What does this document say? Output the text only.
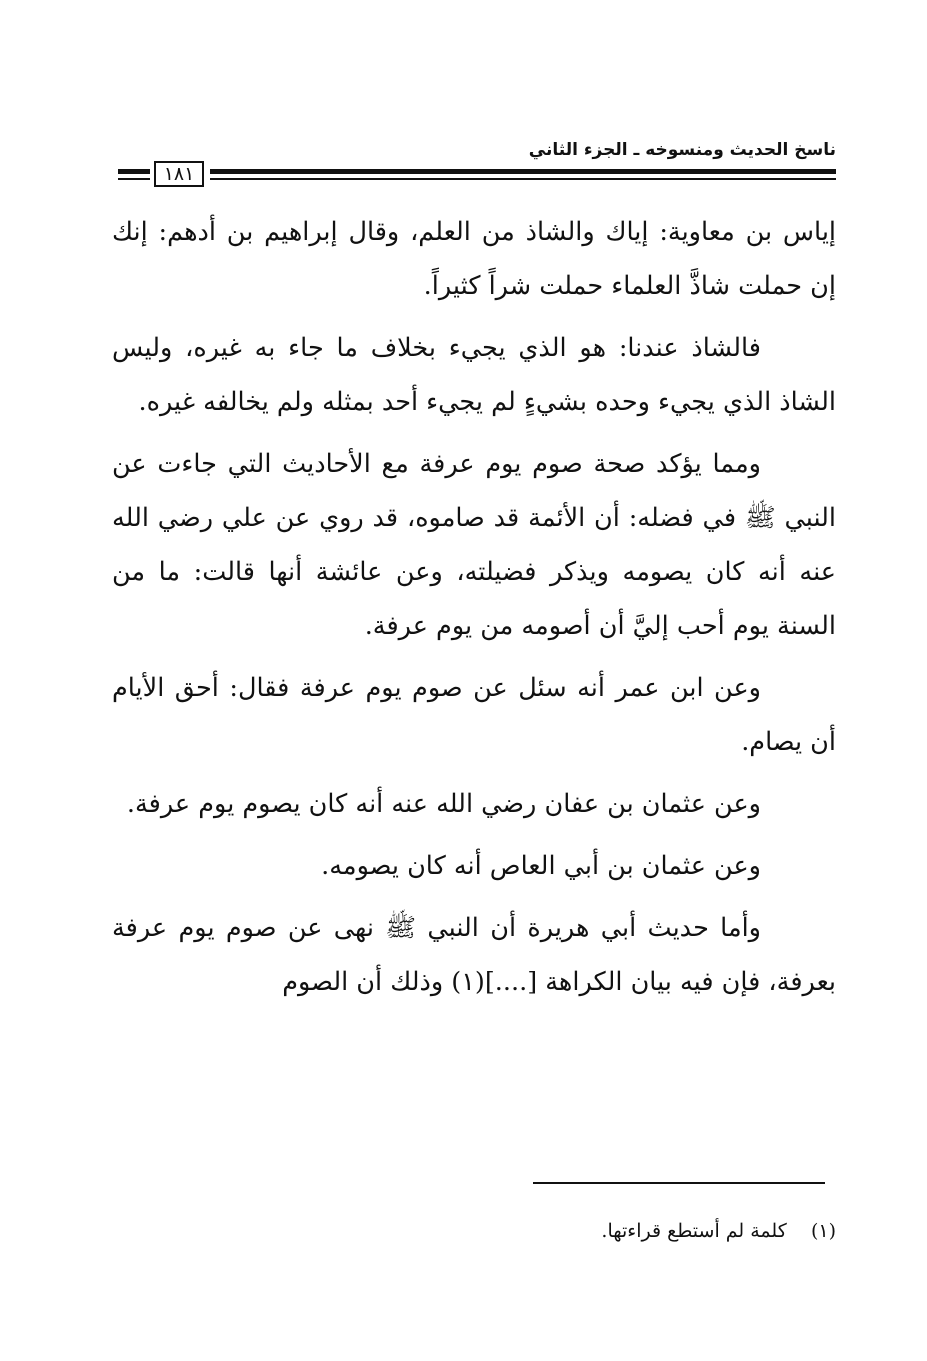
ناسخ الحديث ومنسوخه ـ الجزء الثاني
١٨١

إياس بن معاوية: إياك والشاذ من العلم، وقال إبراهيم بن أدهم: إنك إن حملت شاذَّ العلماء حملت شراً كثيراً.

فالشاذ عندنا: هو الذي يجيء بخلاف ما جاء به غيره، وليس الشاذ الذي يجيء وحده بشيءٍ لم يجيء أحد بمثله ولم يخالفه غيره.

ومما يؤكد صحة صوم يوم عرفة مع الأحاديث التي جاءت عن النبي ﷺ في فضله: أن الأئمة قد صاموه، قد روي عن علي رضي الله عنه أنه كان يصومه ويذكر فضيلته، وعن عائشة أنها قالت: ما من السنة يوم أحب إليَّ أن أصومه من يوم عرفة.

وعن ابن عمر أنه سئل عن صوم يوم عرفة فقال: أحق الأيام أن يصام.

وعن عثمان بن عفان رضي الله عنه أنه كان يصوم يوم عرفة.

وعن عثمان بن أبي العاص أنه كان يصومه.

وأما حديث أبي هريرة أن النبي ﷺ نهى عن صوم يوم عرفة بعرفة، فإن فيه بيان الكراهة [....](١) وذلك أن الصوم

(١)    كلمة لم أستطع قراءتها.
